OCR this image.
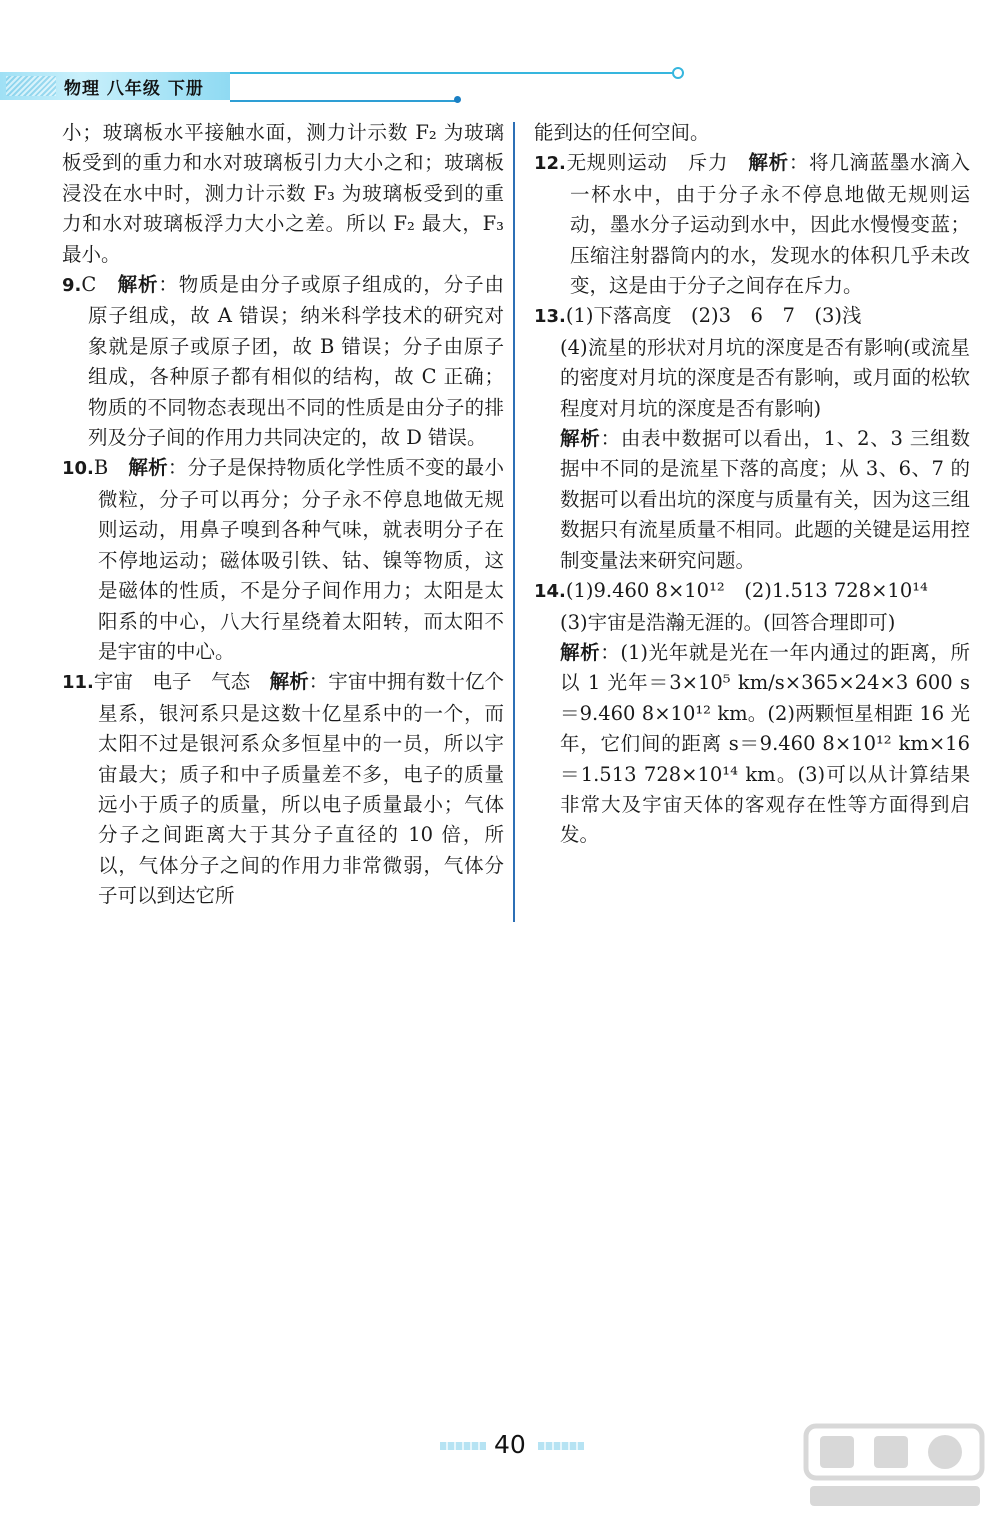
物理 八年级 下册

小；玻璃板水平接触水面，测力计示数 F₂ 为玻璃板受到的重力和水对玻璃板引力大小之和；玻璃板浸没在水中时，测力计示数 F₃ 为玻璃板受到的重力和水对玻璃板浮力大小之差。所以 F₂ 最大，F₃ 最小。

9.C　 解析：物质是由分子或原子组成的，分子由原子组成，故 A 错误；纳米科学技术的研究对象就是原子或原子团，故 B 错误；分子由原子组成，各种原子都有相似的结构，故 C 正确；物质的不同物态表现出不同的性质是由分子的排列及分子间的作用力共同决定的，故 D 错误。

10.B　 解析：分子是保持物质化学性质不变的最小微粒，分子可以再分；分子永不停息地做无规则运动，用鼻子嗅到各种气味，就表明分子在不停地运动；磁体吸引铁、钴、镍等物质，这是磁体的性质，不是分子间作用力；太阳是太阳系的中心，八大行星绕着太阳转，而太阳不是宇宙的中心。

11.宇宙　电子　气态　 解析：宇宙中拥有数十亿个星系，银河系只是这数十亿星系中的一个，而太阳不过是银河系众多恒星中的一员，所以宇宙最大；质子和中子质量差不多，电子的质量远小于质子的质量，所以电子质量最小；气体分子之间距离大于其分子直径的 10 倍，所以，气体分子之间的作用力非常微弱，气体分子可以到达它所

能到达的任何空间。

12.无规则运动　斥力　 解析：将几滴蓝墨水滴入一杯水中，由于分子永不停息地做无规则运动，墨水分子运动到水中，因此水慢慢变蓝；压缩注射器筒内的水，发现水的体积几乎未改变，这是由于分子之间存在斥力。

13.(1)下落高度　(2)3　6　7　(3)浅

(4)流星的形状对月坑的深度是否有影响(或流星的密度对月坑的深度是否有影响，或月面的松软程度对月坑的深度是否有影响)

解析：由表中数据可以看出，1、2、3 三组数据中不同的是流星下落的高度；从 3、6、7 的数据可以看出坑的深度与质量有关，因为这三组数据只有流星质量不相同。此题的关键是运用控制变量法来研究问题。

14.(1)9.460 8×10¹²　(2)1.513 728×10¹⁴

(3)宇宙是浩瀚无涯的。(回答合理即可)

解析：(1)光年就是光在一年内通过的距离，所以 1 光年＝3×10⁵ km/s×365×24×3 600 s＝9.460 8×10¹² km。(2)两颗恒星相距 16 光年，它们间的距离 s＝9.460 8×10¹² km×16＝1.513 728×10¹⁴ km。(3)可以从计算结果非常大及宇宙天体的客观存在性等方面得到启发。

40
